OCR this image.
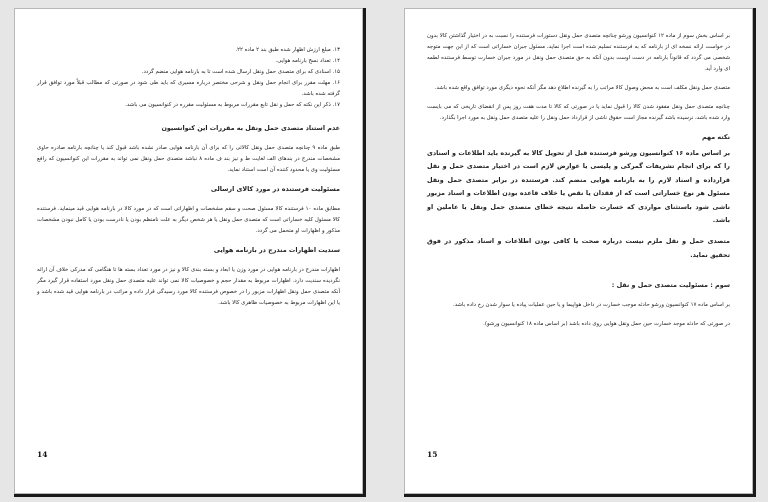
۱۳. مبلغ ارزش اظهار شده طبق بند ۲ ماده ۲۲.

۱۴. تعداد نسخ بارنامه هوایی.

۱۵. اسنادی که برای متصدی حمل ونقل ارسال شده است تا به بارنامه هوایی منضم گردد.

۱۶. مهلت مقرر برای انجام حمل ونقل و شرحی مختصر درباره مسیری که باید طی شود در صورتی که مطالب قبلاً مورد توافق قرار گرفته شده باشد.

۱۷. ذکر این نکته که حمل و نقل تابع مقررات مربوط به مسئولیت مقرره در کنوانسیون می باشد.

عدم استناد متصدی حمل ونقل به مقررات این کنوانسیون

طبق ماده ۹ چنانچه متصدی حمل ونقل کالائی را که برای آن بارنامه هوایی صادر نشده باشد قبول کند یا چنانچه بارنامه صادره حاوی مشخصات مندرج در بندهای الف لغایت ط و نیز بند ف ماده ۸ نباشد متصدی حمل ونقل نمی تواند به مقررات این کنوانسیون که رافع مسئولیت وی یا محدود کننده آن است استناد نماید.

مسئولیت فرستنده در مورد کالای ارسالی

مطابق ماده ۱۰ فرستنده کالا مسئول صحت و سقم مشخصات و اظهاراتی است که در مورد کالا در بارنامه هوایی قید مینماید. فرستنده کالا مسئول کلیه خساراتی است که متصدی حمل ونقل یا هر شخص دیگر به علت نامنظم بودن یا نادرست بودن یا کامل نبودن مشخصات مذکور و اظهارات او متحمل می گردد.

سندیت اظهارات مندرج در بارنامه هوایی

اظهارات مندرج در بارنامه هوایی در مورد وزن یا ابعاد و بسته بندی کالا و نیز در مورد تعداد بسته ها تا هنگامی که مدرکی خلاف آن ارائه نگردیده سندیت دارد. اظهارات مربوط به مقدار حجم و خصوصیات کالا نمی تواند علیه متصدی حمل ونقل مورد استفاده قرار گیرد مگر آنکه متصدی حمل ونقل اظهارات مزبور را در خصوص فرستنده کالا مورد رسیدگی قرار داده و مراتب در بارنامه هوایی قید شده باشد و یا این اظهارات مربوط به خصوصیات ظاهری کالا باشد.

14

بر اساس بخش سوم از ماده ۱۲ کنوانسیون ورشو چنانچه متصدی حمل ونقل دستورات فرستنده را نسبت به در اختیار گذاشتن کالا بدون در خواست ارائه نسخه ای از بارنامه که به فرستنده تسلیم شده است اجرا نماید، مسئول جبران خساراتی است که از این جهت متوجه شخصی می گردد که قانوناً بارنامه در دست اوست بدون آنکه به حق متصدی حمل ونقل در مورد جبران خسارت توسط فرستنده لطمه ای وارد آید.

متصدی حمل ونقل مکلف است به محض وصول کالا مراتب را به گیرنده اطلاع دهد مگر آنکه نحوه دیگری مورد توافق واقع شده باشد.

چنانچه متصدی حمل ونقل مفقود شدن کالا را قبول نماید یا در صورتی که کالا تا مدت هفت روز پس از انقضای تاریخی که می بایست وارد شده باشد، نرسیده باشد گیرنده مجاز است حقوق ناشی از قرارداد حمل ونقل را علیه متصدی حمل ونقل به مورد اجرا بگذارد.

نکته مهم

بر اساس ماده ۱۶ کنوانسیون ورشو فرستنده قبل از تحویل کالا به گیرنده باید اطلاعات و اسنادی را که برای انجام تشریفات گمرکی و پلیسی یا عوارض لازم است در اختیار متصدی حمل و نقل قرارداده و اسناد لازم را به بارنامه هوایی منضم کند. فرستنده در برابر متصدی حمل ونقل مسئول هر نوع خساراتی است که از فقدان یا نقص یا خلاف قاعده بودن اطلاعات و اسناد مزبور ناشی شود باستثنای مواردی که خسارت حاصله نتیجه خطای متصدی حمل ونقل یا عاملین او باشد.

متصدی حمل و نقل ملزم نیست درباره صحت یا کافی بودن اطلاعات و اسناد مذکور در فوق تحقیق نماید.

سوم : مسئولیت متصدی حمل و نقل :

بر اساس ماده ۱۷ کنوانسیون ورشو حادثه موجب خسارت در داخل هواپیما و یا حین عملیات پیاده یا سوار شدن رخ داده باشد.

در صورتی که حادثه موجد خسارت حین حمل ونقل هوایی روی داده باشد (بر اساس ماده ۱۸ کنوانسیون ورشو).

15
